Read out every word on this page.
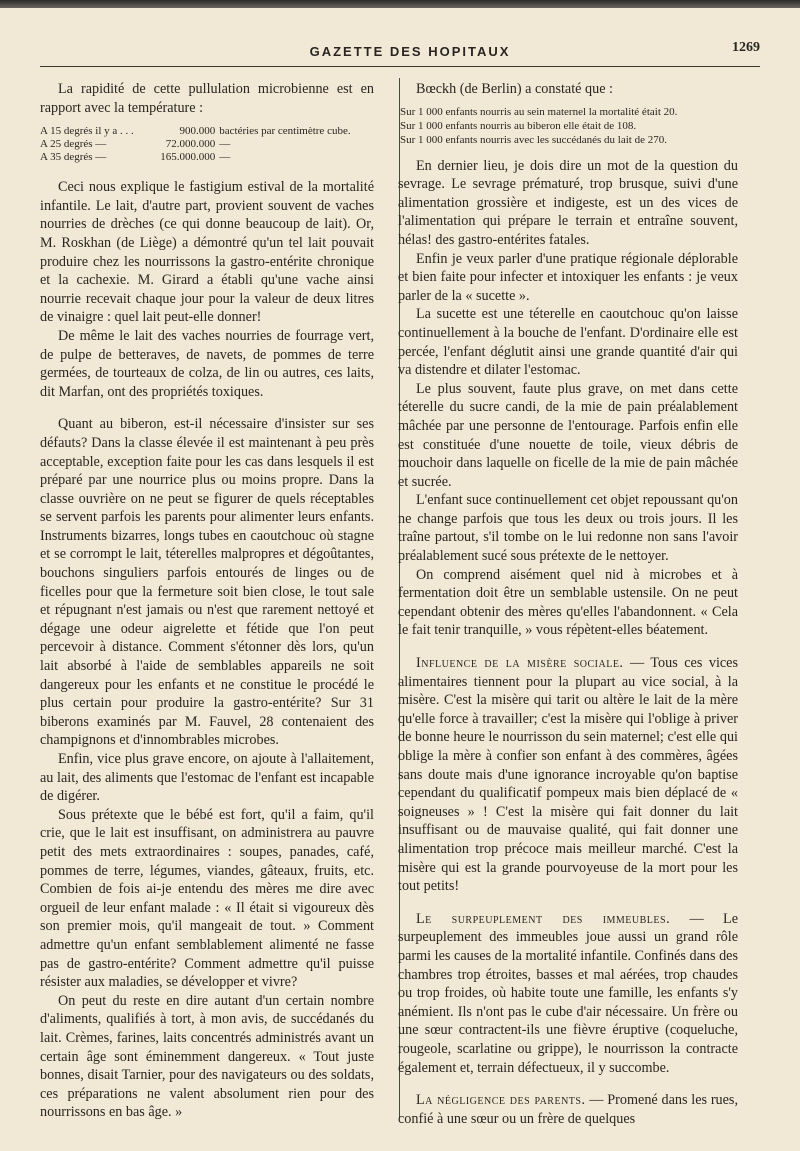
GAZETTE DES HOPITAUX	1269

La rapidité de cette pullulation microbienne est en rapport avec la température :

A 15 degrés il y a . . .	900.000	bactéries par centimètre cube.
A 25 degrés —	72.000.000	—
A 35 degrés —	165.000.000	—

Ceci nous explique le fastigium estival de la mortalité infantile. Le lait, d'autre part, provient souvent de vaches nourries de drèches (ce qui donne beaucoup de lait). Or, M. Roskhan (de Liège) a démontré qu'un tel lait pouvait produire chez les nourrissons la gastro-entérite chronique et la cachexie. M. Girard a établi qu'une vache ainsi nourrie recevait chaque jour pour la valeur de deux litres de vinaigre : quel lait peut-elle donner!

De même le lait des vaches nourries de fourrage vert, de pulpe de betteraves, de navets, de pommes de terre germées, de tourteaux de colza, de lin ou autres, ces laits, dit Marfan, ont des propriétés toxiques.

Quant au biberon, est-il nécessaire d'insister sur ses défauts? Dans la classe élevée il est maintenant à peu près acceptable, exception faite pour les cas dans lesquels il est préparé par une nourrice plus ou moins propre. Dans la classe ouvrière on ne peut se figurer de quels réceptables se servent parfois les parents pour alimenter leurs enfants. Instruments bizarres, longs tubes en caoutchouc où stagne et se corrompt le lait, téterelles malpropres et dégoûtantes, bouchons singuliers parfois entourés de linges ou de ficelles pour que la fermeture soit bien close, le tout sale et répugnant n'est jamais ou n'est que rarement nettoyé et dégage une odeur aigrelette et fétide que l'on peut percevoir à distance. Comment s'étonner dès lors, qu'un lait absorbé à l'aide de semblables appareils ne soit dangereux pour les enfants et ne constitue le procédé le plus certain pour produire la gastro-entérite? Sur 31 biberons examinés par M. Fauvel, 28 contenaient des champignons et d'innombrables microbes.

Enfin, vice plus grave encore, on ajoute à l'allaitement, au lait, des aliments que l'estomac de l'enfant est incapable de digérer.

Sous prétexte que le bébé est fort, qu'il a faim, qu'il crie, que le lait est insuffisant, on administrera au pauvre petit des mets extraordinaires : soupes, panades, café, pommes de terre, légumes, viandes, gâteaux, fruits, etc. Combien de fois ai-je entendu des mères me dire avec orgueil de leur enfant malade : « Il était si vigoureux dès son premier mois, qu'il mangeait de tout. » Comment admettre qu'un enfant semblablement alimenté ne fasse pas de gastro-entérite? Comment admettre qu'il puisse résister aux maladies, se développer et vivre?

On peut du reste en dire autant d'un certain nombre d'aliments, qualifiés à tort, à mon avis, de succédanés du lait. Crèmes, farines, laits concentrés administrés avant un certain âge sont éminemment dangereux. « Tout juste bonnes, disait Tarnier, pour des navigateurs ou des soldats, ces préparations ne valent absolument rien pour des nourrissons en bas âge. »

Bœckh (de Berlin) a constaté que :

Sur 1 000 enfants nourris au sein maternel la mortalité était 20.
Sur 1 000 enfants nourris au biberon elle était de 108.
Sur 1 000 enfants nourris avec les succédanés du lait de 270.

En dernier lieu, je dois dire un mot de la question du sevrage. Le sevrage prématuré, trop brusque, suivi d'une alimentation grossière et indigeste, est un des vices de l'alimentation qui prépare le terrain et entraîne souvent, hélas! des gastro-entérites fatales.

Enfin je veux parler d'une pratique régionale déplorable et bien faite pour infecter et intoxiquer les enfants : je veux parler de la « sucette ».

La sucette est une téterelle en caoutchouc qu'on laisse continuellement à la bouche de l'enfant. D'ordinaire elle est percée, l'enfant déglutit ainsi une grande quantité d'air qui va distendre et dilater l'estomac.

Le plus souvent, faute plus grave, on met dans cette téterelle du sucre candi, de la mie de pain préalablement mâchée par une personne de l'entourage. Parfois enfin elle est constituée d'une nouette de toile, vieux débris de mouchoir dans laquelle on ficelle de la mie de pain mâchée et sucrée.

L'enfant suce continuellement cet objet repoussant qu'on ne change parfois que tous les deux ou trois jours. Il les traîne partout, s'il tombe on le lui redonne non sans l'avoir préalablement sucé sous prétexte de le nettoyer.

On comprend aisément quel nid à microbes et à fermentation doit être un semblable ustensile. On ne peut cependant obtenir des mères qu'elles l'abandonnent. « Cela le fait tenir tranquille, » vous répètent-elles béatement.

Influence de la misère sociale. — Tous ces vices alimentaires tiennent pour la plupart au vice social, à la misère. C'est la misère qui tarit ou altère le lait de la mère qu'elle force à travailler; c'est la misère qui l'oblige à priver de bonne heure le nourrisson du sein maternel; c'est elle qui oblige la mère à confier son enfant à des commères, âgées sans doute mais d'une ignorance incroyable qu'on baptise cependant du qualificatif pompeux mais bien déplacé de « soigneuses » ! C'est la misère qui fait donner du lait insuffisant ou de mauvaise qualité, qui fait donner une alimentation trop précoce mais meilleur marché. C'est la misère qui est la grande pourvoyeuse de la mort pour les tout petits!

Le surpeuplement des immeubles. — Le surpeuplement des immeubles joue aussi un grand rôle parmi les causes de la mortalité infantile. Confinés dans des chambres trop étroites, basses et mal aérées, trop chaudes ou trop froides, où habite toute une famille, les enfants s'y anémient. Ils n'ont pas le cube d'air nécessaire. Un frère ou une sœur contractent-ils une fièvre éruptive (coqueluche, rougeole, scarlatine ou grippe), le nourrisson la contracte également et, terrain défectueux, il y succombe.

La négligence des parents. — Promené dans les rues, confié à une sœur ou un frère de quelques
